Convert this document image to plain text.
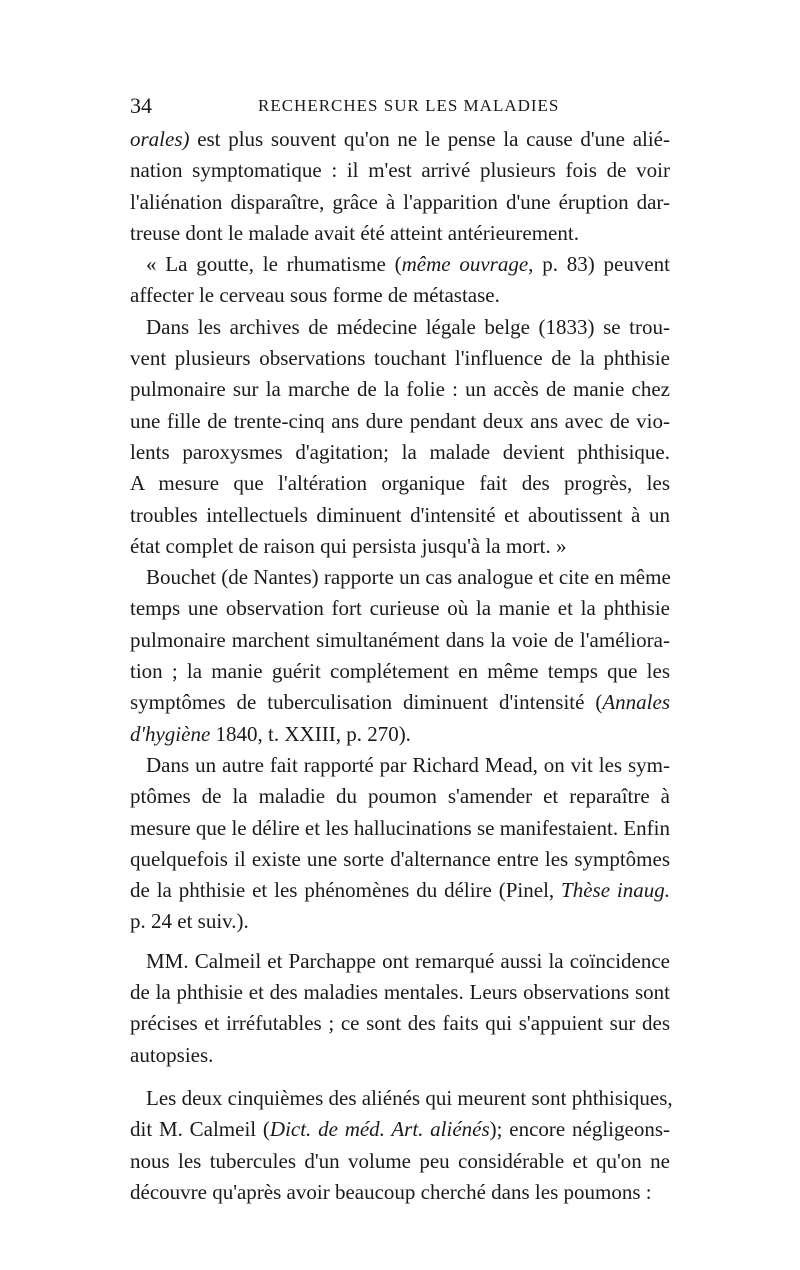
34	RECHERCHES SUR LES MALADIES
orales) est plus souvent qu'on ne le pense la cause d'une alié-
nation symptomatique : il m'est arrivé plusieurs fois de voir
l'aliénation disparaître, grâce à l'apparition d'une éruption dar-
treuse dont le malade avait été atteint antérieurement.
« La goutte, le rhumatisme (même ouvrage, p. 83) peuvent
affecter le cerveau sous forme de métastase.
Dans les archives de médecine légale belge (1833) se trou-
vent plusieurs observations touchant l'influence de la phthisie
pulmonaire sur la marche de la folie : un accès de manie chez
une fille de trente-cinq ans dure pendant deux ans avec de vio-
lents paroxysmes d'agitation; la malade devient phthisique.
A mesure que l'altération organique fait des progrès, les
troubles intellectuels diminuent d'intensité et aboutissent à un
état complet de raison qui persista jusqu'à la mort. »
Bouchet (de Nantes) rapporte un cas analogue et cite en même
temps une observation fort curieuse où la manie et la phthisie
pulmonaire marchent simultanément dans la voie de l'améliora-
tion ; la manie guérit complétement en même temps que les
symptômes de tuberculisation diminuent d'intensité (Annales
d'hygiène 1840, t. XXIII, p. 270).
Dans un autre fait rapporté par Richard Mead, on vit les sym-
ptômes de la maladie du poumon s'amender et reparaître à
mesure que le délire et les hallucinations se manifestaient. Enfin
quelquefois il existe une sorte d'alternance entre les symptômes
de la phthisie et les phénomènes du délire (Pinel, Thèse inaug.
p. 24 et suiv.).
MM. Calmeil et Parchappe ont remarqué aussi la coïncidence
de la phthisie et des maladies mentales. Leurs observations sont
précises et irréfutables ; ce sont des faits qui s'appuient sur des
autopsies.
Les deux cinquièmes des aliénés qui meurent sont phthisiques,
dit M. Calmeil (Dict. de méd. Art. aliénés); encore négligeons-
nous les tubercules d'un volume peu considérable et qu'on ne
découvre qu'après avoir beaucoup cherché dans les poumons :
